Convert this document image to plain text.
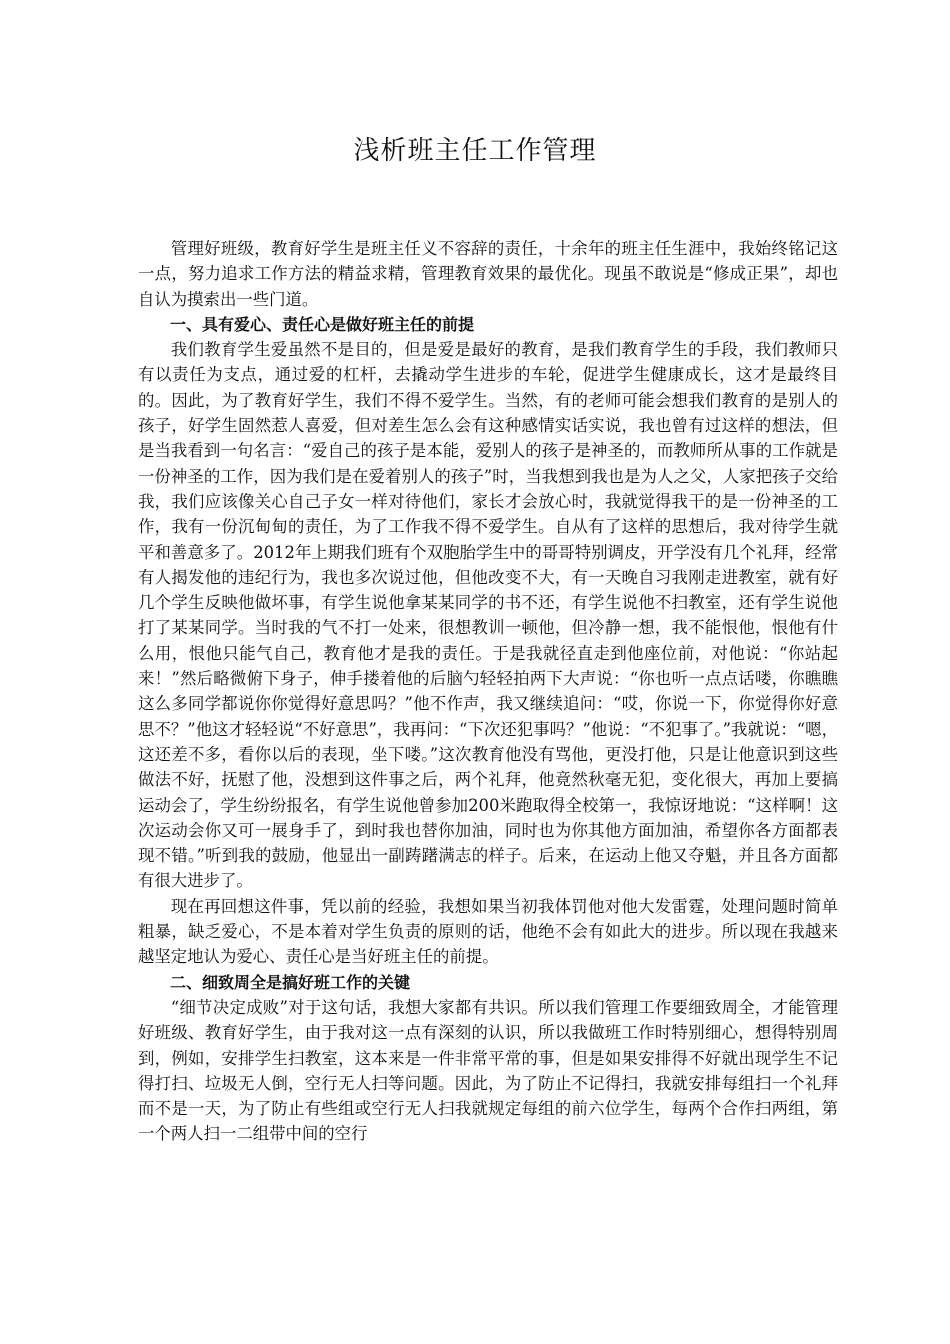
浅析班主任工作管理

管理好班级，教育好学生是班主任义不容辞的责任，十余年的班主任生涯中，我始终铭记这一点，努力追求工作方法的精益求精，管理教育效果的最优化。现虽不敢说是“修成正果”，却也自认为摸索出一些门道。

一、具有爱心、责任心是做好班主任的前提

我们教育学生爱虽然不是目的，但是爱是最好的教育，是我们教育学生的手段，我们教师只有以责任为支点，通过爱的杠杆，去撬动学生进步的车轮，促进学生健康成长，这才是最终目的。因此，为了教育好学生，我们不得不爱学生。当然，有的老师可能会想我们教育的是别人的孩子，好学生固然惹人喜爱，但对差生怎么会有这种感情实话实说，我也曾有过这样的想法，但是当我看到一句名言：“爱自己的孩子是本能，爱别人的孩子是神圣的，而教师所从事的工作就是一份神圣的工作，因为我们是在爱着别人的孩子”时，当我想到我也是为人之父，人家把孩子交给我，我们应该像关心自己子女一样对待他们，家长才会放心时，我就觉得我干的是一份神圣的工作，我有一份沉甸甸的责任，为了工作我不得不爱学生。自从有了这样的思想后，我对待学生就平和善意多了。2012年上期我们班有个双胞胎学生中的哥哥特别调皮，开学没有几个礼拜，经常有人揭发他的违纪行为，我也多次说过他，但他改变不大，有一天晚自习我刚走进教室，就有好几个学生反映他做坏事，有学生说他拿某某同学的书不还，有学生说他不扫教室，还有学生说他打了某某同学。当时我的气不打一处来，很想教训一顿他，但冷静一想，我不能恨他，恨他有什么用，恨他只能气自己，教育他才是我的责任。于是我就径直走到他座位前，对他说：“你站起来！”然后略微俯下身子，伸手搂着他的后脑勺轻轻拍两下大声说：“你也听一点点话喽，你瞧瞧这么多同学都说你你觉得好意思吗？”他不作声，我又继续追问：“哎，你说一下，你觉得你好意思不？”他这才轻轻说“不好意思”，我再问：“下次还犯事吗？”他说：“不犯事了。”我就说：“嗯，这还差不多，看你以后的表现，坐下喽。”这次教育他没有骂他，更没打他，只是让他意识到这些做法不好，抚慰了他，没想到这件事之后，两个礼拜，他竟然秋毫无犯，变化很大，再加上要搞运动会了，学生纷纷报名，有学生说他曾参加200米跑取得全校第一，我惊讶地说：“这样啊！这次运动会你又可一展身手了，到时我也替你加油，同时也为你其他方面加油，希望你各方面都表现不错。”听到我的鼓励，他显出一副踌躇满志的样子。后来，在运动上他又夺魁，并且各方面都有很大进步了。

现在再回想这件事，凭以前的经验，我想如果当初我体罚他对他大发雷霆，处理问题时简单粗暴，缺乏爱心，不是本着对学生负责的原则的话，他绝不会有如此大的进步。所以现在我越来越坚定地认为爱心、责任心是当好班主任的前提。

二、细致周全是搞好班工作的关键

“细节决定成败”对于这句话，我想大家都有共识。所以我们管理工作要细致周全，才能管理好班级、教育好学生，由于我对这一点有深刻的认识，所以我做班工作时特别细心，想得特别周到，例如，安排学生扫教室，这本来是一件非常平常的事，但是如果安排得不好就出现学生不记得打扫、垃圾无人倒，空行无人扫等问题。因此，为了防止不记得扫，我就安排每组扫一个礼拜而不是一天，为了防止有些组或空行无人扫我就规定每组的前六位学生，每两个合作扫两组，第一个两人扫一二组带中间的空行
